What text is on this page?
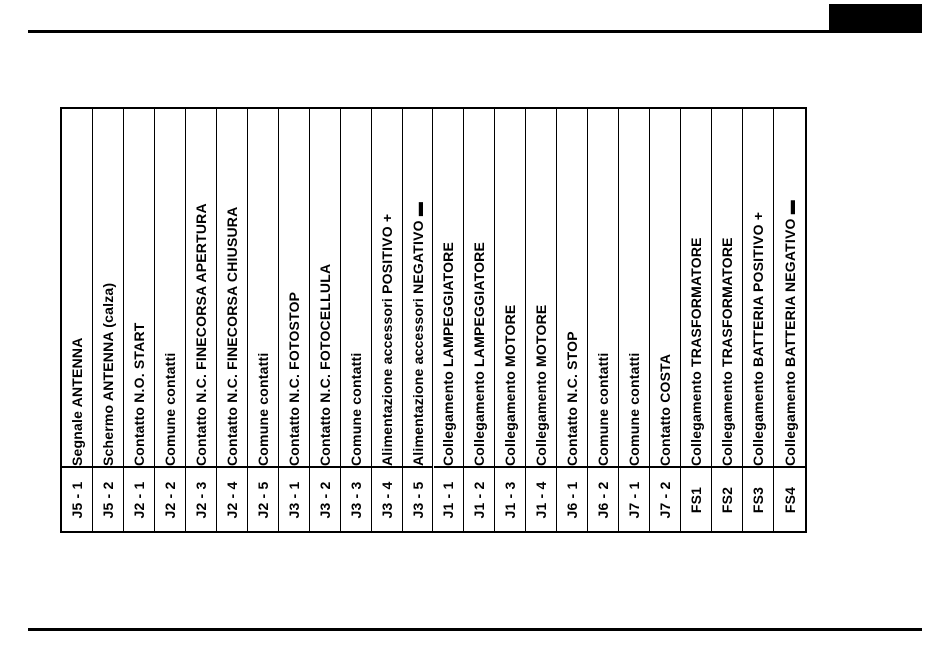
Segnale ANTENNA
J5 - 1
Schermo ANTENNA (calza)
J5 - 2
Contatto N.O. START
J2 - 1
Comune contatti
J2 - 2
Contatto N.C. FINECORSA APERTURA
J2 - 3
Contatto N.C. FINECORSA CHIUSURA
J2 - 4
Comune contatti
J2 - 5
Contatto N.C. FOTOSTOP
J3 - 1
Contatto N.C. FOTOCELLULA
J3 - 2
Comune contatti
J3 - 3
Alimentazione accessori POSITIVO +
J3 - 4
Alimentazione accessori NEGATIVO ▬
J3 - 5
Collegamento LAMPEGGIATORE
J1 - 1
Collegamento LAMPEGGIATORE
J1 - 2
Collegamento MOTORE
J1 - 3
Collegamento MOTORE
J1 - 4
Contatto N.C. STOP
J6 - 1
Comune contatti
J6 - 2
Comune contatti
J7 - 1
Contatto COSTA
J7 - 2
Collegamento TRASFORMATORE
FS1
Collegamento TRASFORMATORE
FS2
Collegamento BATTERIA POSITIVO +
FS3
Collegamento BATTERIA NEGATIVO ▬
FS4
